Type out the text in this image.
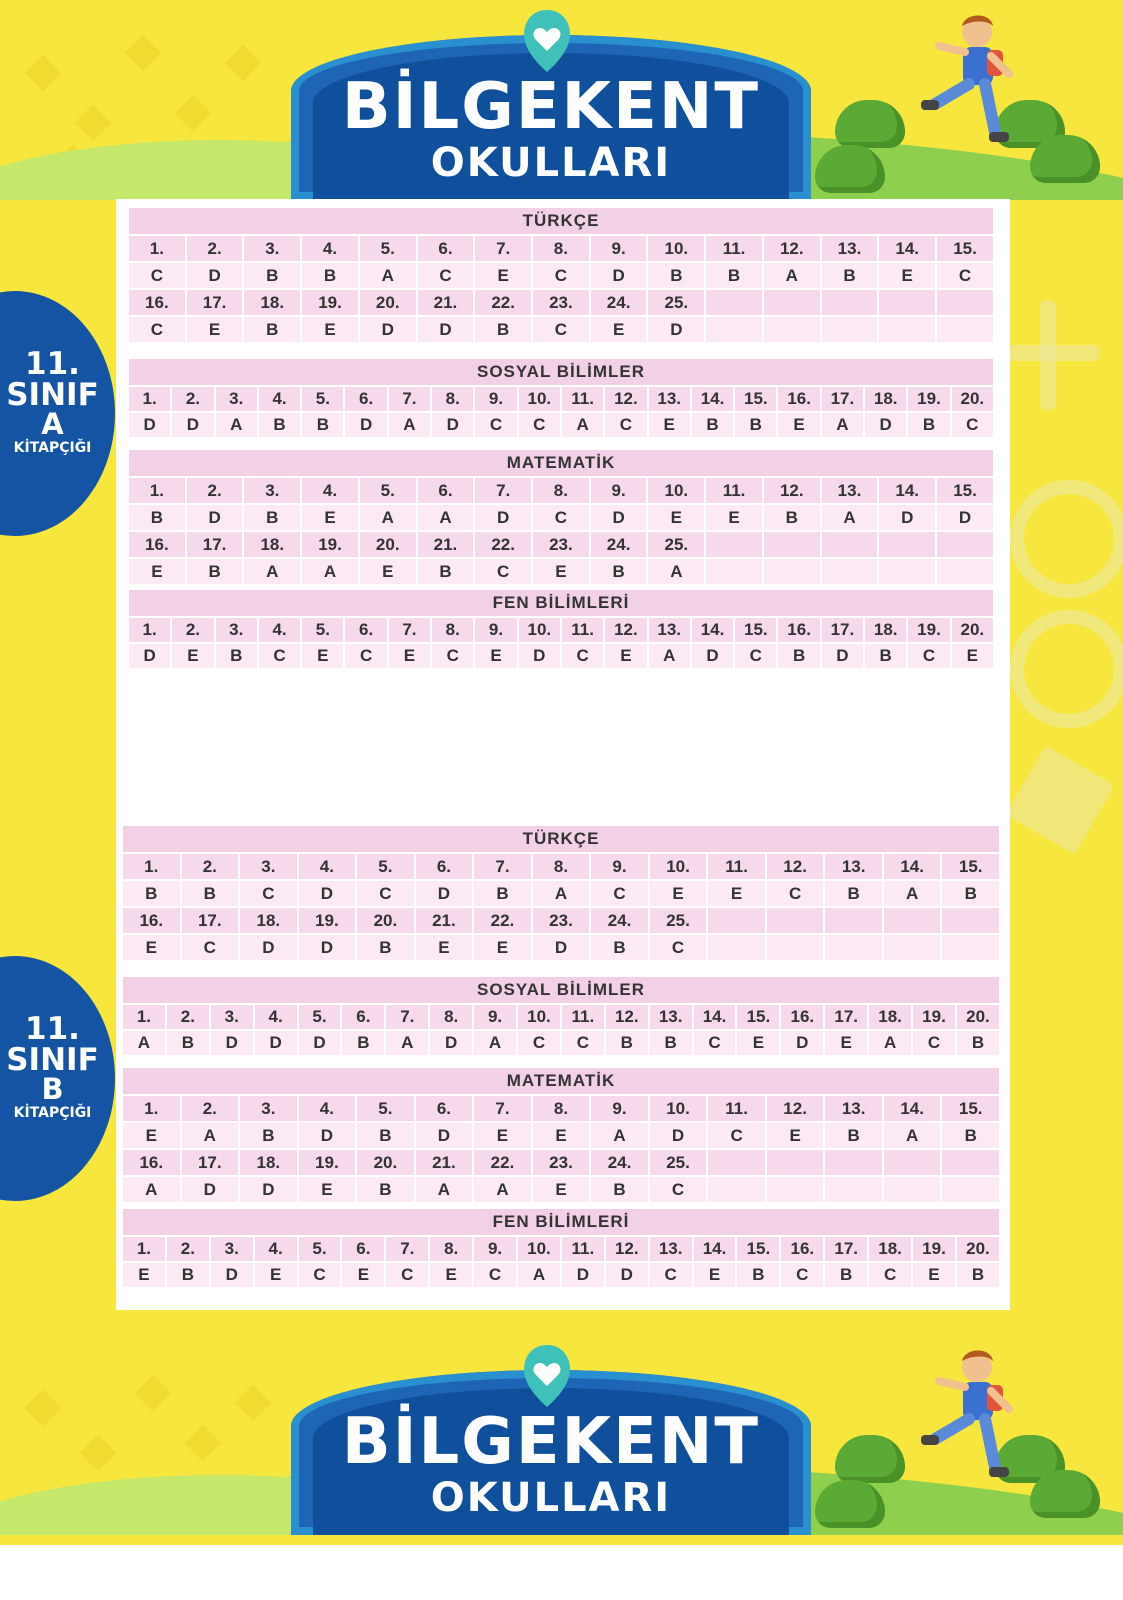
BİLGEKENT
OKULLARI
BİLGEKENT
OKULLARI
11.
SINIF
A
KİTAPÇIĞI
11.
SINIF
B
KİTAPÇIĞI
TÜRKÇE														
1.	2.	3.	4.	5.	6.	7.	8.	9.	10.	11.	12.	13.	14.	15.
C	D	B	B	A	C	E	C	D	B	B	A	B	E	C
16.	17.	18.	19.	20.	21.	22.	23.	24.	25.					
C	E	B	E	D	D	B	C	E	D					
SOSYAL BİLİMLER																			
1.	2.	3.	4.	5.	6.	7.	8.	9.	10.	11.	12.	13.	14.	15.	16.	17.	18.	19.	20.
D	D	A	B	B	D	A	D	C	C	A	C	E	B	B	E	A	D	B	C
MATEMATİK														
1.	2.	3.	4.	5.	6.	7.	8.	9.	10.	11.	12.	13.	14.	15.
B	D	B	E	A	A	D	C	D	E	E	B	A	D	D
16.	17.	18.	19.	20.	21.	22.	23.	24.	25.					
E	B	A	A	E	B	C	E	B	A					
FEN BİLİMLERİ																			
1.	2.	3.	4.	5.	6.	7.	8.	9.	10.	11.	12.	13.	14.	15.	16.	17.	18.	19.	20.
D	E	B	C	E	C	E	C	E	D	C	E	A	D	C	B	D	B	C	E
TÜRKÇE														
1.	2.	3.	4.	5.	6.	7.	8.	9.	10.	11.	12.	13.	14.	15.
B	B	C	D	C	D	B	A	C	E	E	C	B	A	B
16.	17.	18.	19.	20.	21.	22.	23.	24.	25.					
E	C	D	D	B	E	E	D	B	C					
SOSYAL BİLİMLER																			
1.	2.	3.	4.	5.	6.	7.	8.	9.	10.	11.	12.	13.	14.	15.	16.	17.	18.	19.	20.
A	B	D	D	D	B	A	D	A	C	C	B	B	C	E	D	E	A	C	B
MATEMATİK														
1.	2.	3.	4.	5.	6.	7.	8.	9.	10.	11.	12.	13.	14.	15.
E	A	B	D	B	D	E	E	A	D	C	E	B	A	B
16.	17.	18.	19.	20.	21.	22.	23.	24.	25.					
A	D	D	E	B	A	A	E	B	C					
FEN BİLİMLERİ																			
1.	2.	3.	4.	5.	6.	7.	8.	9.	10.	11.	12.	13.	14.	15.	16.	17.	18.	19.	20.
E	B	D	E	C	E	C	E	C	A	D	D	C	E	B	C	B	C	E	B
